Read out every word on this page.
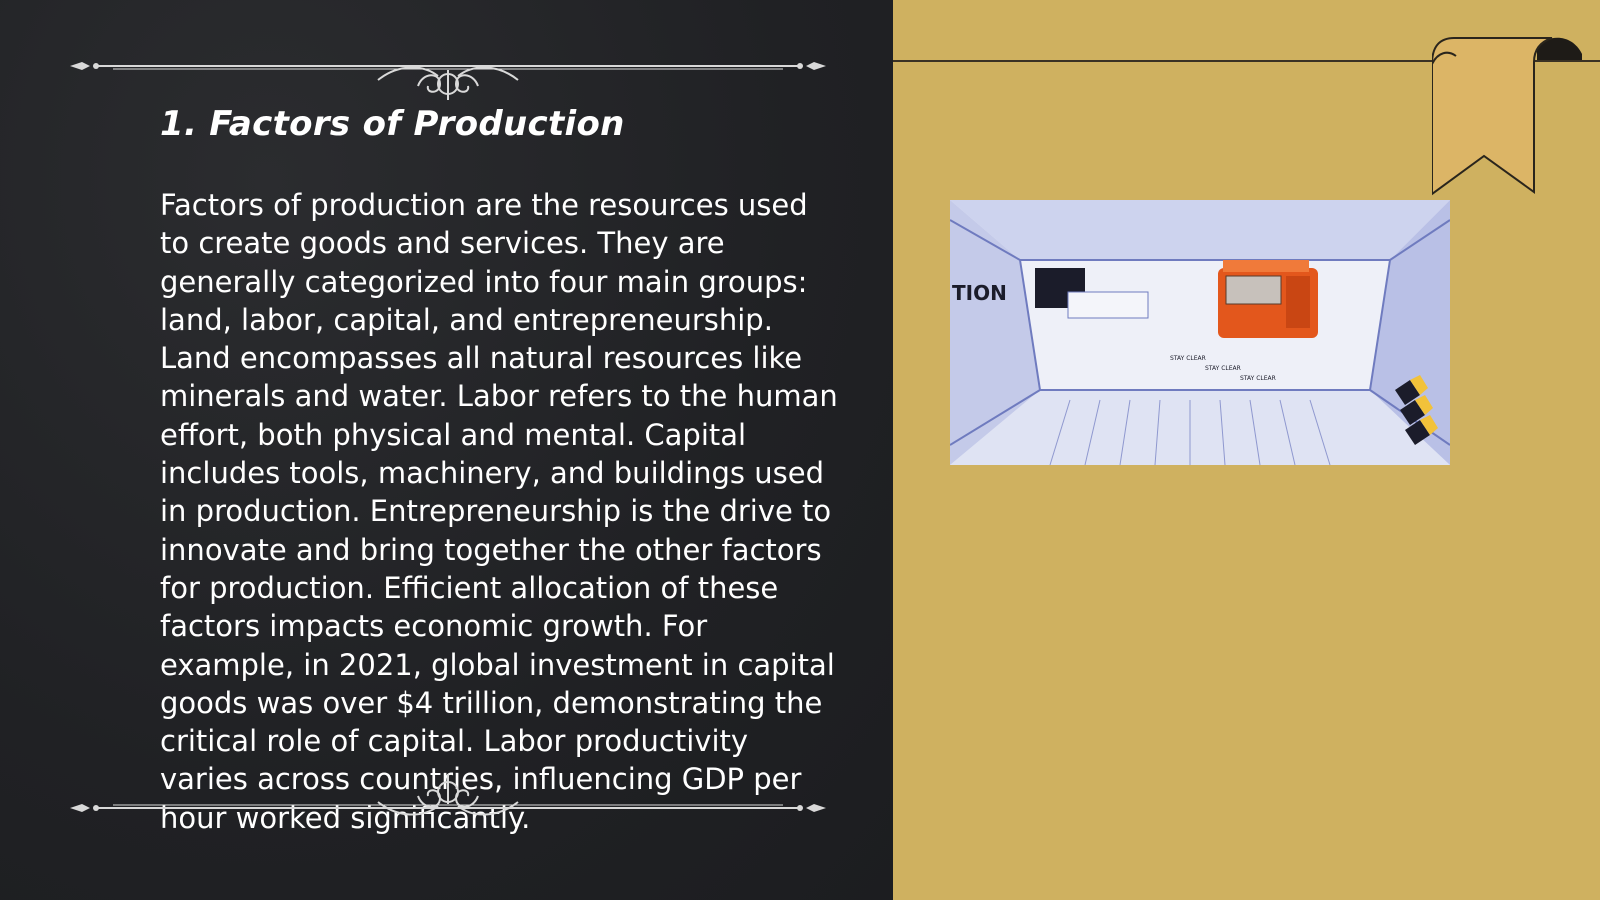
1. Factors of Production

Factors of production are the resources used to create goods and services. They are generally categorized into four main groups: land, labor, capital, and entrepreneurship. Land encompasses all natural resources like minerals and water. Labor refers to the human effort, both physical and mental. Capital includes tools, machinery, and buildings used in production. Entrepreneurship is the drive to innovate and bring together the other factors for production. Efficient allocation of these factors impacts economic growth. For example, in 2021, global investment in capital goods was over $4 trillion, demonstrating the critical role of capital. Labor productivity varies across countries, influencing GDP per hour worked significantly.

TION
STAY CLEAR
STAY CLEAR
STAY CLEAR
